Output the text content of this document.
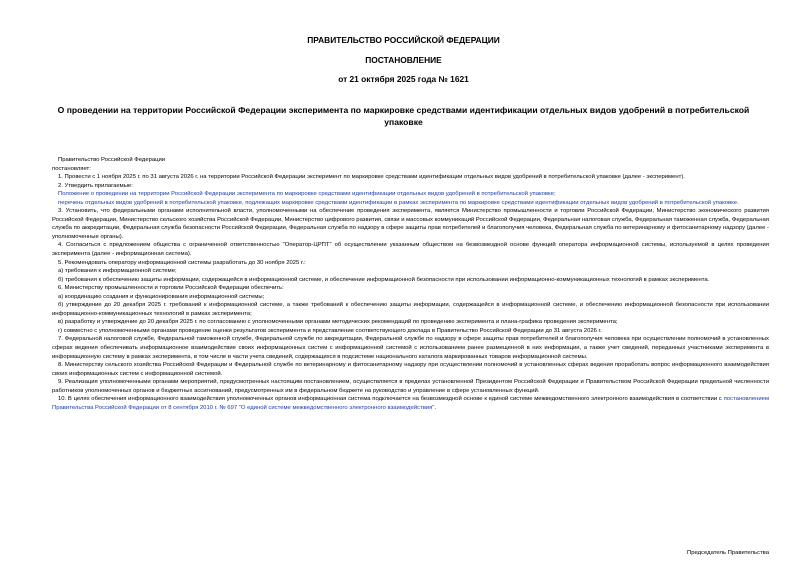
ПРАВИТЕЛЬСТВО РОССИЙСКОЙ ФЕДЕРАЦИИ
ПОСТАНОВЛЕНИЕ
от 21 октября 2025 года № 1621
О проведении на территории Российской Федерации эксперимента по маркировке средствами идентификации отдельных видов удобрений в потребительской упаковке

Правительство Российской Федерации

постановляет:

1. Провести с 1 ноября 2025 г. по 31 августа 2026 г. на территории Российской Федерации эксперимент по маркировке средствами идентификации отдельных видов удобрений в потребительской упаковке (далее - эксперимент).

2. Утвердить прилагаемые:

Положение о проведении на территории Российской Федерации эксперимента по маркировке средствами идентификации отдельных видов удобрений в потребительской упаковке;

перечень отдельных видов удобрений в потребительской упаковке, подлежащих маркировке средствами идентификации в рамках эксперимента по маркировке средствами идентификации отдельных видов удобрений в потребительской упаковке.

3. Установить, что федеральными органами исполнительной власти, уполномоченными на обеспечение проведения эксперимента, является Министерство промышленности и торговли Российской Федерации, Министерство экономического развития Российской Федерации, Министерство сельского хозяйства Российской Федерации, Министерство цифрового развития, связи и массовых коммуникаций Российской Федерации, Федеральная налоговая служба, Федеральная таможенная служба, Федеральная служба по аккредитации, Федеральная служба безопасности Российской Федерации, Федеральная служба по надзору в сфере защиты прав потребителей и благополучия человека, Федеральная служба по ветеринарному и фитосанитарному надзору (далее - уполномоченные органы).

4. Согласиться с предложением общества с ограниченной ответственностью "Оператор-ЦРПТ" об осуществлении указанным обществом на безвозмездной основе функций оператора информационной системы, используемой в целях проведения эксперимента (далее - информационная система).

5. Рекомендовать оператору информационной системы разработать до 30 ноября 2025 г.:

а) требования к информационной системе;

б) требования к обеспечению защиты информации, содержащейся в информационной системе, и обеспечение информационной безопасности при использовании информационно-коммуникационных технологий в рамках эксперимента.

6. Министерству промышленности и торговли Российской Федерации обеспечить:

а) координацию создания и функционирования информационной системы;

б) утверждение до 20 декабря 2025 г. требований к информационной системе, а также требований к обеспечению защиты информации, содержащейся в информационной системе, и обеспечению информационной безопасности при использовании информационно-коммуникационных технологий в рамках эксперимента;

в) разработку и утверждение до 20 декабря 2025 г. по согласованию с уполномоченными органами методических рекомендаций по проведению эксперимента и плана-графика проведения эксперимента;

г) совместно с уполномоченными органами проведение оценки результатов эксперимента и представление соответствующего доклада в Правительство Российской Федерации до 31 августа 2026 г.

7. Федеральной налоговой службе, Федеральной таможенной службе, Федеральной службе по аккредитации, Федеральной службе по надзору в сфере защиты прав потребителей и благополучия человека при осуществлении полномочий в установленных сферах ведения обеспечивать информационное взаимодействие своих информационных систем с информационной системой с использованием ранее размещенной в них информации, а также учет сведений, переданных участниками эксперимента в информационную систему в рамках эксперимента, в том числе в части учета сведений, содержащихся в подсистеме национального каталога маркированных товаров информационной системы.

8. Министерству сельского хозяйства Российской Федерации и Федеральной службе по ветеринарному и фитосанитарному надзору при осуществлении полномочий в установленных сферах ведения проработать вопрос информационного взаимодействия своих информационных систем с информационной системой.

9. Реализация уполномоченными органами мероприятий, предусмотренных настоящим постановлением, осуществляется в пределах установленной Президентом Российской Федерации и Правительством Российской Федерации предельной численности работников уполномоченных органов и бюджетных ассигнований, предусмотренных им в федеральном бюджете на руководство и управление в сфере установленных функций.

10. В целях обеспечения информационного взаимодействия уполномоченных органов информационная система подключается на безвозмездной основе к единой системе межведомственного электронного взаимодействия в соответствии с постановлением Правительства Российской Федерации от 8 сентября 2010 г. № 697 "О единой системе межведомственного электронного взаимодействия".

Председатель Правительства
